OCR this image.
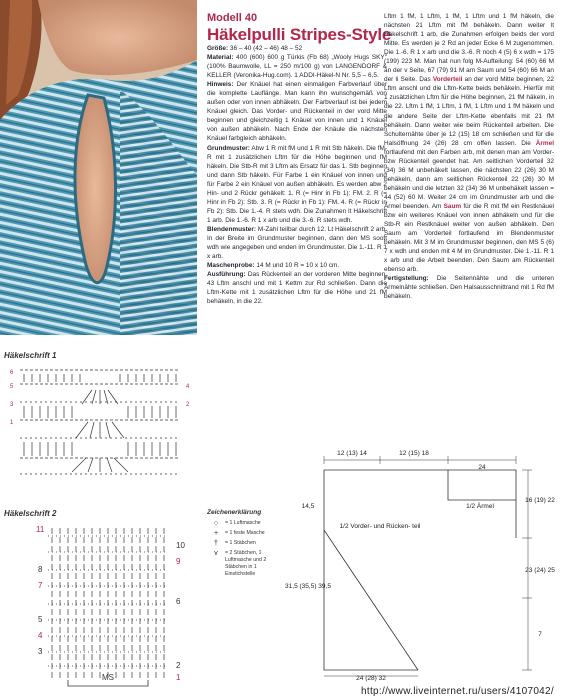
Modell 40
Häkelpulli Stripes-Style

Größe: 36 – 40 (42 – 46) 48 – 52

Material: 400 (600) 600 g Türkis (Fb 68) „Wooly Hugs SKY" (100% Baumwolle, LL = 250 m/100 g) von LANGENDORF & KELLER (Veronika-Hug.com). 1 ADDI-Häkel-N Nr. 5,5 – 6,5.

Hinweis: Der Knäuel hat einen einmaligen Farbverlauf über die komplette Lauflänge. Man kann ihn wunschgemäß von außen oder von innen abhäkeln. Der Farbverlauf ist bei jedem Knäuel gleich. Das Vorder- und Rückenteil in der vord Mitte beginnen und gleichzeitig 1 Knäuel von innen und 1 Knäuel von außen abhäkeln. Nach Ende der Knäule die nächsten Knäuel farbgleich abhäkeln.

Grundmuster: Abw 1 R mit fM und 1 R mit Stb häkeln. Die fM-R mit 1 zusätzlichen Lftm für die Höhe beginnen und fM häkeln. Die Stb-R mit 3 Lftm als Ersatz für das 1. Stb beginnen und dann Stb häkeln. Für Farbe 1 ein Knäuel von innen und für Farbe 2 ein Knäuel von außen abhäkeln. Es werden abw 2 Hin- und 2 Rückr gehäkelt: 1. R (= Hinr in Fb 1): FM. 2. R (= Hinr in Fb 2): Stb. 3. R (= Rückr in Fb 1): FM. 4. R (= Rückr in Fb 2): Stb. Die 1.-4. R stets wdh. Die Zunahmen lt Häkelschrift 1 arb. Die 1.-6. R 1 x arb und die 3.-6. R stets wdh.

Blendenmuster: M-Zahl teilbar durch 12. Lt Häkelschrift 2 arb. In der Breite im Grundmuster beginnen, dann den MS sooft wdh wie angegeben und enden im Grundmuster. Die 1.-11. R 1 x arb.

Maschenprobe: 14 M und 10 R = 10 x 10 cm.

Ausführung: Das Rückenteil an der vorderen Mitte beginnen, 43 Lftm anschl und mit 1 Kettm zur Rd schließen. Dann die Lftm-Kette mit 1 zusätzlichen Lftm für die Höhe und 21 fM behäkeln, in die 22.

Lftm 1 fM, 1 Lftm, 1 fM, 1 Lftm und 1 fM häkeln, die nächsten 21 Lftm mit fM behäkeln. Dann weiter lt Häkelschrift 1 arb, die Zunahmen erfolgen beids der vord Mitte. Es werden je 2 Rd an jeder Ecke 6 M zugenommen. Die 1.-6. R 1 x arb und die 3.-6. R noch 4 (5) 6 x wdh = 175 (199) 223 M. Man hat nun folg M-Aufteilung: 54 (60) 66 M an der v Seite, 67 (79) 91 M am Saum und 54 (60) 66 M an der li Seite. Das Vorderteil an der vord Mitte beginnen, 22 Lftm anschl und die Lftm-Kette beids behäkeln. Hierfür mit 1 zusätzlichen Lftm für die Höhe beginnen, 21 fM häkeln, in die 22. Lftm 1 fM, 1 Lftm, 1 fM, 1 Lftm und 1 fM häkeln und die andere Seite der Lftm-Kette ebenfalls mit 21 fM behäkeln. Dann weiter wie beim Rückenteil arbeiten. Die Schulternähte über je 12 (15) 18 cm schließen und für die Halsöffnung 24 (26) 28 cm offen lassen. Die Ärmel fortlaufend mit den Farben arb, mit denen man am Vorder- bzw Rückenteil geendet hat. Am seitlichen Vorderteil 32 (34) 36 M unbehäkelt lassen, die nächsten 22 (26) 30 M behäkeln, dann am seitlichen Rückenteil 22 (26) 30 M behäkeln und die letzten 32 (34) 36 M unbehäkelt lassen = 44 (52) 60 M. Weiter 24 cm im Grundmuster arb und die Ärmel beenden. Am Saum für die R mit fM ein Restknäuel bzw ein weiteres Knäuel von innen abhäkeln und für die Stb-R ein Restknäuel weiter von außen abhäkeln. Den Saum am Vorderteil fortlaufend im Blendenmuster behäkeln. Mit 3 M im Grundmuster beginnen, den MS 5 (6) 7 x wdh und enden mit 4 M im Grundmuster. Die 1.-11. R 1 x arb und die Arbeit beenden. Den Saum am Rückenteil ebenso arb.

Fertigstellung: Die Seitennähte und die unteren Ärmelnähte schließen. Den Halsausschnittrand mit 1 Rd fM behäkeln.

Häkelschrift 1
6
5
3
1
4
2
Häkelschrift 2
11
8
7
5
4
3
10
9
6
2
1
MS
Zeichenerklärung
○	= 1 Luftmasche
+	= 1 feste Masche
†	= 1 Stäbchen
⋎	= 2 Stäbchen, 1 Luftmasche und 2 Stäbchen in 1 Einstichstelle
12 (13) 14	12 (15) 18
24
14,5
31,5 (35,5) 39,5
24 (28) 32
1/2 Vorder- und Rücken- teil
1/2 Ärmel
16 (19) 22
23 (24) 25
7
http://www.liveinternet.ru/users/4107042/
